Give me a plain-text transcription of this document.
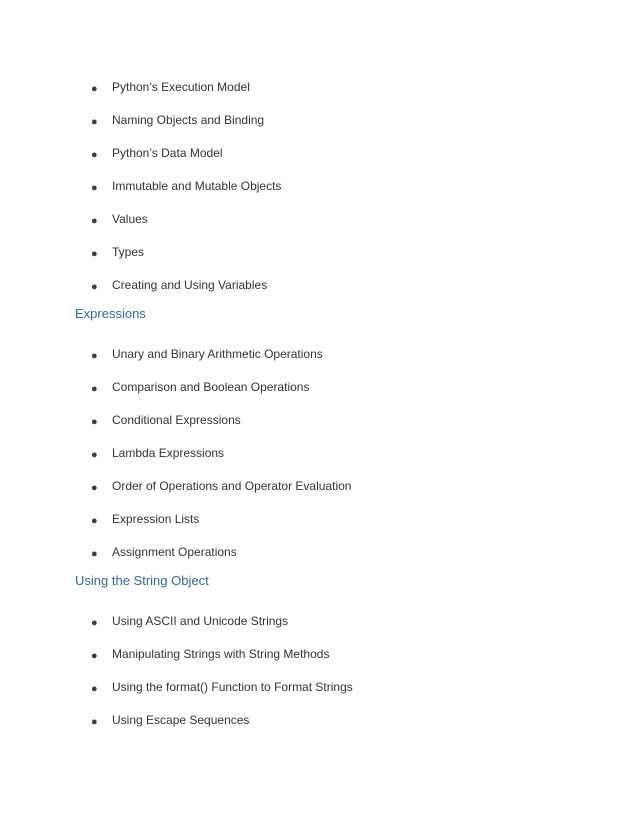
● Python’s Execution Model
● Naming Objects and Binding
● Python’s Data Model
● Immutable and Mutable Objects
● Values
● Types
● Creating and Using Variables
Expressions
● Unary and Binary Arithmetic Operations
● Comparison and Boolean Operations
● Conditional Expressions
● Lambda Expressions
● Order of Operations and Operator Evaluation
● Expression Lists
● Assignment Operations
Using the String Object
● Using ASCII and Unicode Strings
● Manipulating Strings with String Methods
● Using the format() Function to Format Strings
● Using Escape Sequences
